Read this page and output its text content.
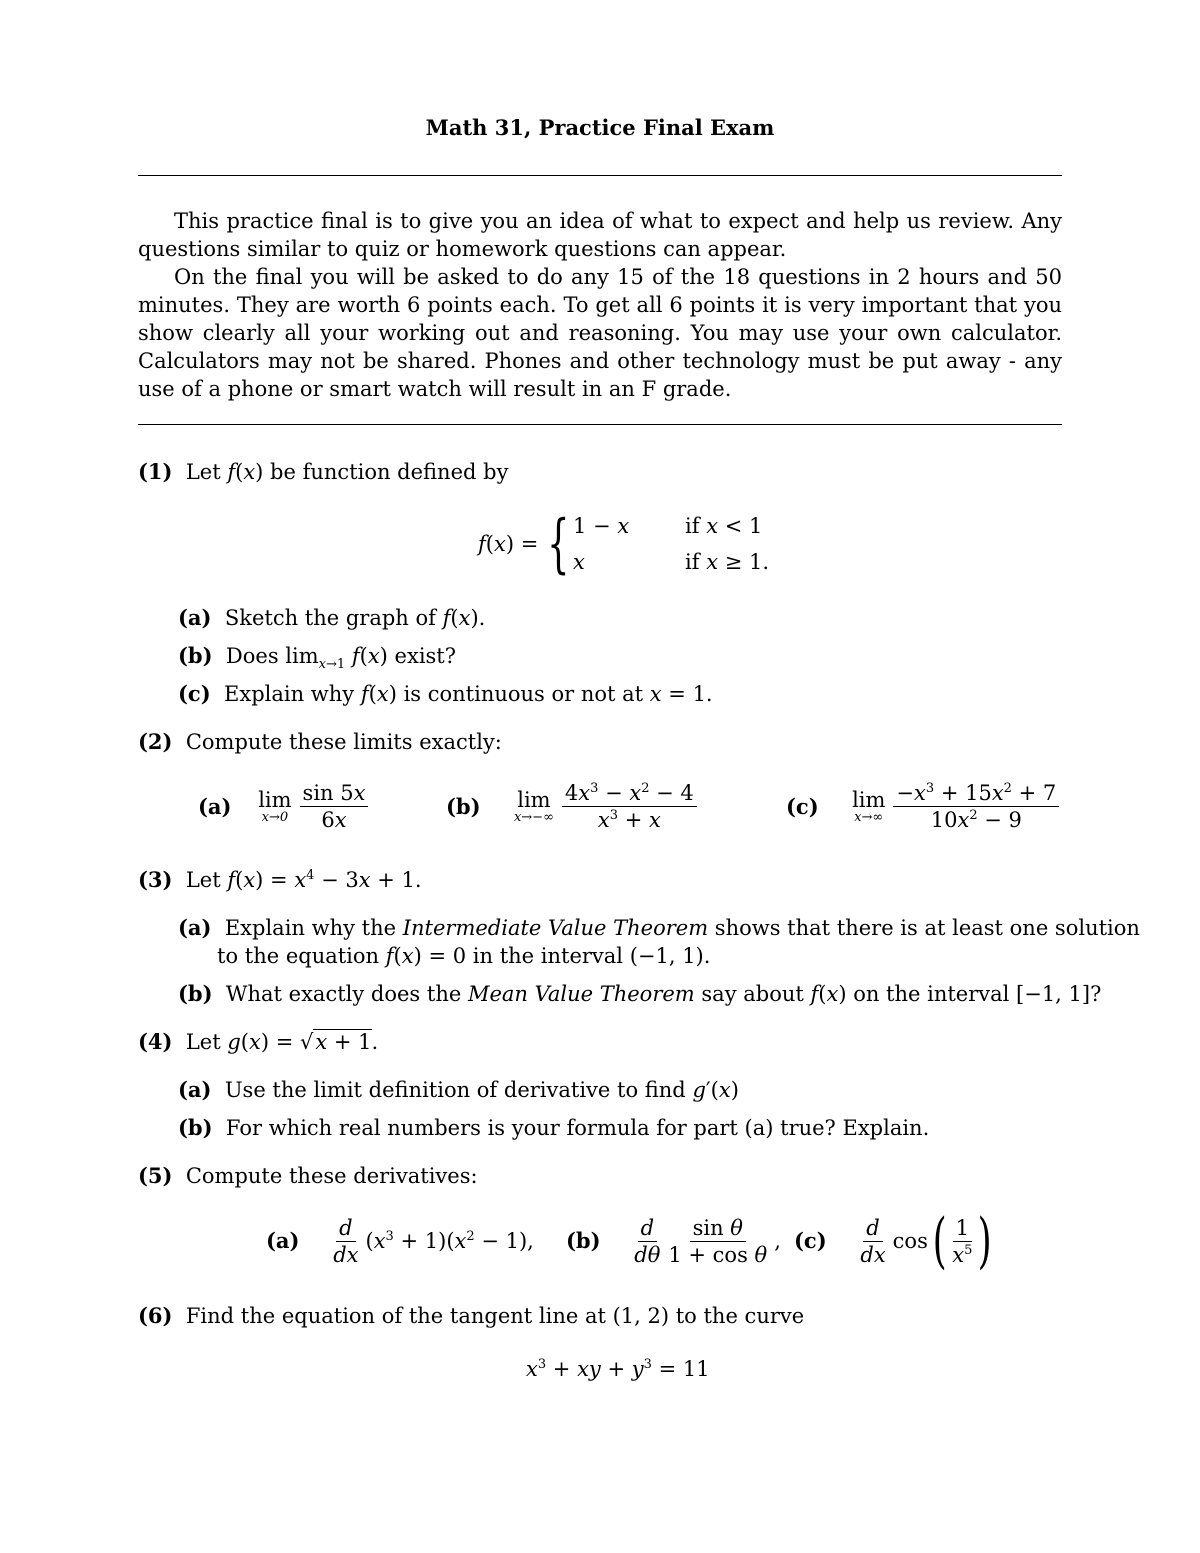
Math 31, Practice Final Exam

This practice final is to give you an idea of what to expect and help us review. Any questions similar to quiz or homework questions can appear.

On the final you will be asked to do any 15 of the 18 questions in 2 hours and 50 minutes. They are worth 6 points each. To get all 6 points it is very important that you show clearly all your working out and reasoning. You may use your own calculator. Calculators may not be shared. Phones and other technology must be put away - any use of a phone or smart watch will result in an F grade.

(1) Let f(x) be function defined by
f(x) = { 1 − x	if x < 1
x	if x ≥ 1.
(a) Sketch the graph of f(x).
(b) Does $\lim_{x\to 1} f(x)$ exist?
(c) Explain why f(x) is continuous or not at x = 1.
(2) Compute these limits exactly:
(a)
lim
$x\to 0 \frac{\sin 5x}{6x}$	(b)
lim
$x\to-\infty \frac{4x^3 - x^2 - 4}{x^3 + x}$	(c)
lim
$x\to\infty \frac{-x^3 + 15x^2 + 7}{10x^2 - 9}$
(3) Let $f(x) = x^4 - 3x + 1$.
(a) Explain why the Intermediate Value Theorem shows that there is at least one solution
to the equation f(x) = 0 in the interval (−1, 1).
(b) What exactly does the Mean Value Theorem say about f(x) on the interval [−1, 1]?
(4) Let g(x) = √x + 1.
(a) Use the limit definition of derivative to find g′(x)
(b) For which real numbers is your formula for part (a) true? Explain.
(5) Compute these derivatives:
(a)
$\frac{d}{dx} (x^3 + 1)(x^2 - 1)$, (b)
$\frac{d}{d\theta} \frac{\text{sin θ}}{\text{1 + cos θ}}$ , (c)
$\frac{d}{dx}$ cos ( $\frac{1}{x^5}$ )
(6) Find the equation of the tangent line at (1, 2) to the curve
$x^3$ + xy + $y^3 = 11$
